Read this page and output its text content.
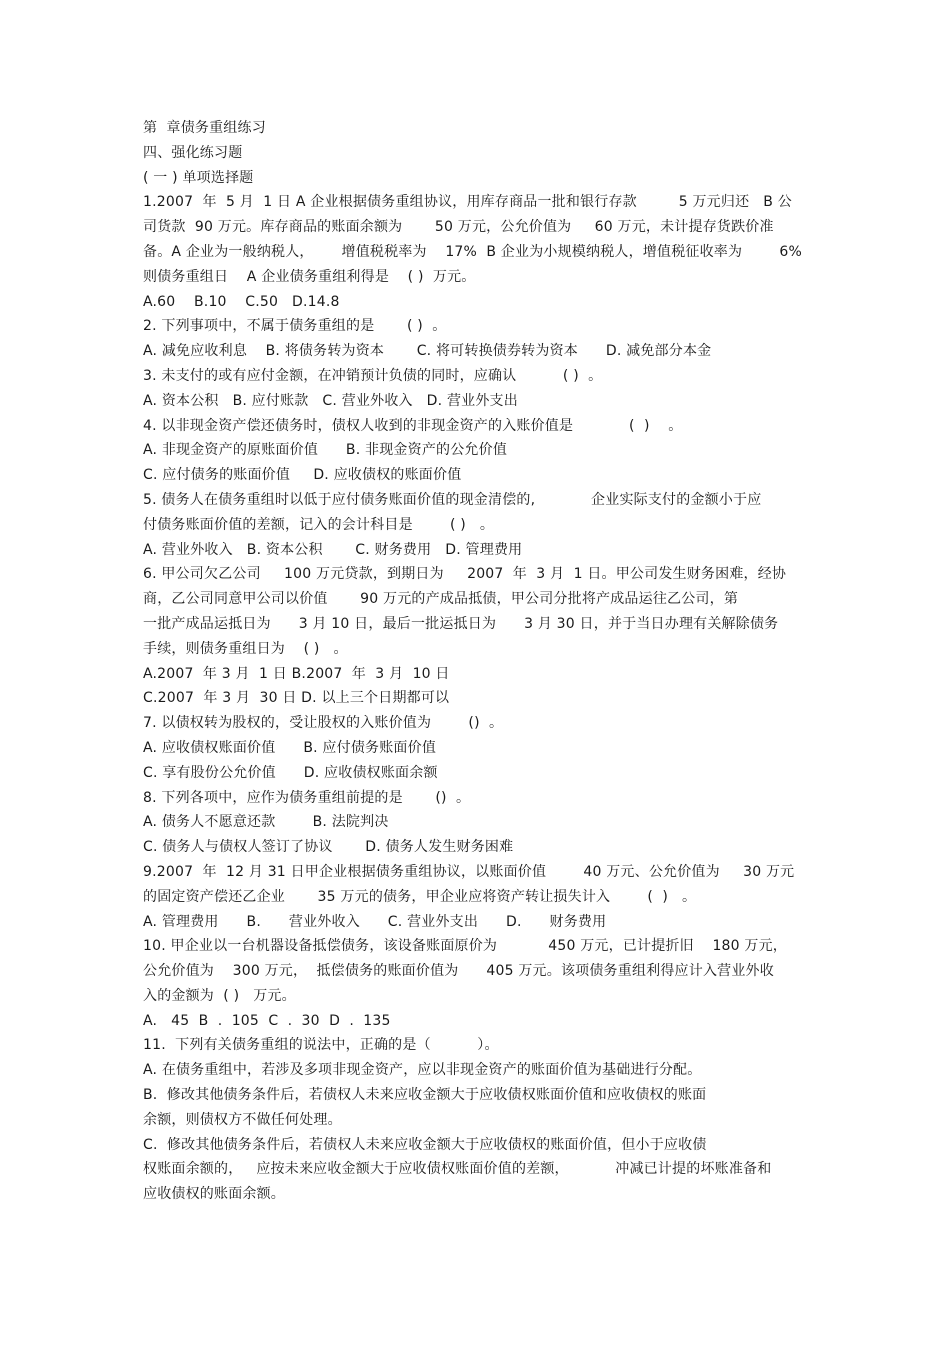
第  章债务重组练习
四、强化练习题
( 一 ) 单项选择题
1.2007  年  5 月  1 日 A 企业根据债务重组协议，用库存商品一批和银行存款         5 万元归还   B 公
司货款  90 万元。库存商品的账面余额为       50 万元，公允价值为     60 万元，未计提存货跌价准
备。A 企业为一般纳税人，      增值税税率为    17%  B 企业为小规模纳税人，增值税征收率为        6%
则债务重组日    A 企业债务重组利得是    ( )  万元。
A.60    B.10    C.50   D.14.8
2. 下列事项中，不属于债务重组的是       ( )  。
A. 减免应收利息    B. 将债务转为资本       C. 将可转换债券转为资本      D. 减免部分本金
3. 未支付的或有应付金额，在冲销预计负债的同时，应确认          ( )  。
A. 资本公积   B. 应付账款   C. 营业外收入   D. 营业外支出
4. 以非现金资产偿还债务时，债权人收到的非现金资产的入账价值是            (  )    。
A. 非现金资产的原账面价值      B. 非现金资产的公允价值
C. 应付债务的账面价值     D. 应收债权的账面价值
5. 债务人在债务重组时以低于应付债务账面价值的现金清偿的,            企业实际支付的金额小于应
付债务账面价值的差额，记入的会计科目是        ( )   。
A. 营业外收入   B. 资本公积       C. 财务费用   D. 管理费用
6. 甲公司欠乙公司     100 万元贷款，到期日为     2007  年  3 月  1 日。甲公司发生财务困难，经协
商，乙公司同意甲公司以价值       90 万元的产成品抵债，甲公司分批将产成品运往乙公司，第
一批产成品运抵日为      3 月 10 日，最后一批运抵日为      3 月 30 日，并于当日办理有关解除债务
手续，则债务重组日为    ( )   。
A.2007  年 3 月  1 日 B.2007  年  3 月  10 日
C.2007  年 3 月  30 日 D. 以上三个日期都可以
7. 以债权转为股权的，受让股权的入账价值为        ()  。
A. 应收债权账面价值      B. 应付债务账面价值
C. 享有股份公允价值      D. 应收债权账面余额
8. 下列各项中，应作为债务重组前提的是       ()  。
A. 债务人不愿意还款        B. 法院判决
C. 债务人与债权人签订了协议       D. 债务人发生财务困难
9.2007  年  12 月 31 日甲企业根据债务重组协议，以账面价值        40 万元、公允价值为     30 万元
的固定资产偿还乙企业       35 万元的债务，甲企业应将资产转让损失计入        (  )   。
A. 管理费用      B.      营业外收入      C. 营业外支出      D.      财务费用
10. 甲企业以一台机器设备抵偿债务，该设备账面原价为           450 万元，已计提折旧    180 万元，
公允价值为    300 万元，  抵偿债务的账面价值为      405 万元。该项债务重组利得应计入营业外收
入的金额为  ( )   万元。
A.   45  B  .  105  C  .  30  D  .  135
11.  下列有关债务重组的说法中，正确的是（          ）。
A. 在债务重组中，若涉及多项非现金资产，应以非现金资产的账面价值为基础进行分配。
B.  修改其他债务条件后，若债权人未来应收金额大于应收债权账面价值和应收债权的账面
余额，则债权方不做任何处理。
C.  修改其他债务条件后，若债权人未来应收金额大于应收债权的账面价值，但小于应收债
权账面余额的，   应按未来应收金额大于应收债权账面价值的差额，          冲减已计提的坏账准备和
应收债权的账面余额。
